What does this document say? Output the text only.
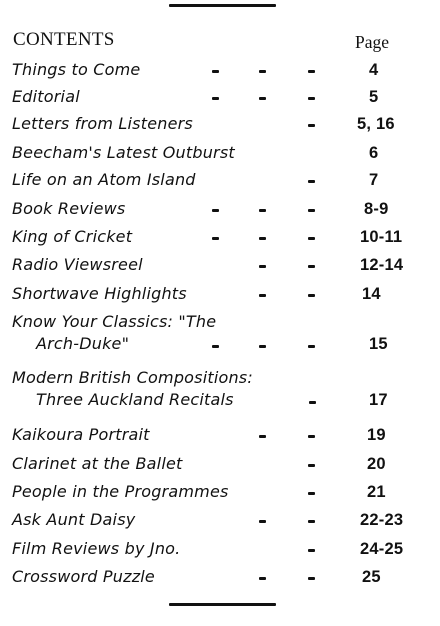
CONTENTS	Page
Things to Come	4
Editorial	5
Letters from Listeners	5, 16
Beecham's Latest Outburst	6
Life on an Atom Island	7
Book Reviews	8-9
King of Cricket	10-11
Radio Viewsreel	12-14
Shortwave Highlights	14
Know Your Classics: "The
Arch-Duke"	15
Modern British Compositions:
Three Auckland Recitals	17
Kaikoura Portrait	19
Clarinet at the Ballet	20
People in the Programmes	21
Ask Aunt Daisy	22-23
Film Reviews by Jno.	24-25
Crossword Puzzle	25
